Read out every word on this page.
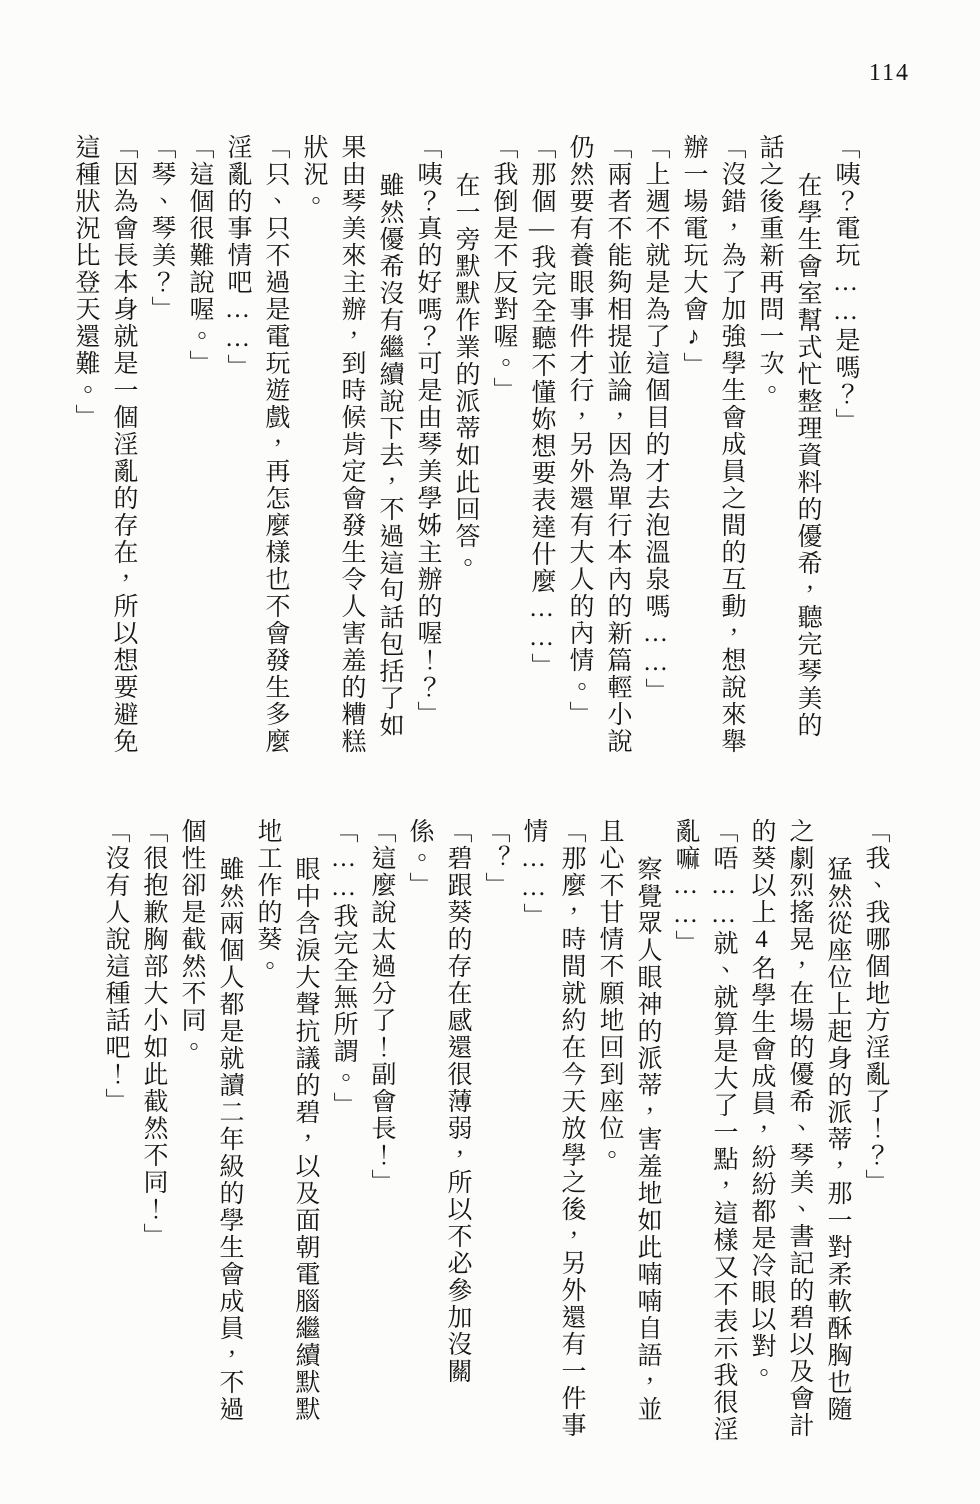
114

「咦？電玩……是嗎？」

在學生會室幫式忙整理資料的優希，聽完琴美的話之後重新再問一次。

「沒錯，為了加強學生會成員之間的互動，想說來舉辦一場電玩大會♪」

「上週不就是為了這個目的才去泡溫泉嗎……」

「兩者不能夠相提並論，因為單行本內的新篇輕小說仍然要有養眼事件才行，另外還有大人的內情。」

「那個—我完全聽不懂妳想要表達什麼……」

「我倒是不反對喔。」

在一旁默默作業的派蒂如此回答。

「咦？真的好嗎？可是由琴美學姊主辦的喔！？」

雖然優希沒有繼續說下去，不過這句話包括了如果由琴美來主辦，到時候肯定會發生令人害羞的糟糕狀況。

「只、只不過是電玩遊戲，再怎麼樣也不會發生多麼淫亂的事情吧……」

「這個很難說喔。」

「琴、琴美？」

「因為會長本身就是一個淫亂的存在，所以想要避免這種狀況比登天還難。」

「我、我哪個地方淫亂了！？」

猛然從座位上起身的派蒂，那一對柔軟酥胸也隨之劇烈搖晃，在場的優希、琴美、書記的碧以及會計的葵以上4名學生會成員，紛紛都是冷眼以對。

「唔……就、就算是大了一點，這樣又不表示我很淫亂嘛……」

察覺眾人眼神的派蒂，害羞地如此喃喃自語，並且心不甘情不願地回到座位。

「那麼，時間就約在今天放學之後，另外還有一件事情……」

「？」

「碧跟葵的存在感還很薄弱，所以不必參加沒關係。」

「這麼說太過分了！副會長！」

「……我完全無所謂。」

眼中含淚大聲抗議的碧，以及面朝電腦繼續默默地工作的葵。

雖然兩個人都是就讀二年級的學生會成員，不過個性卻是截然不同。

「很抱歉胸部大小如此截然不同！」

「沒有人說這種話吧！」
